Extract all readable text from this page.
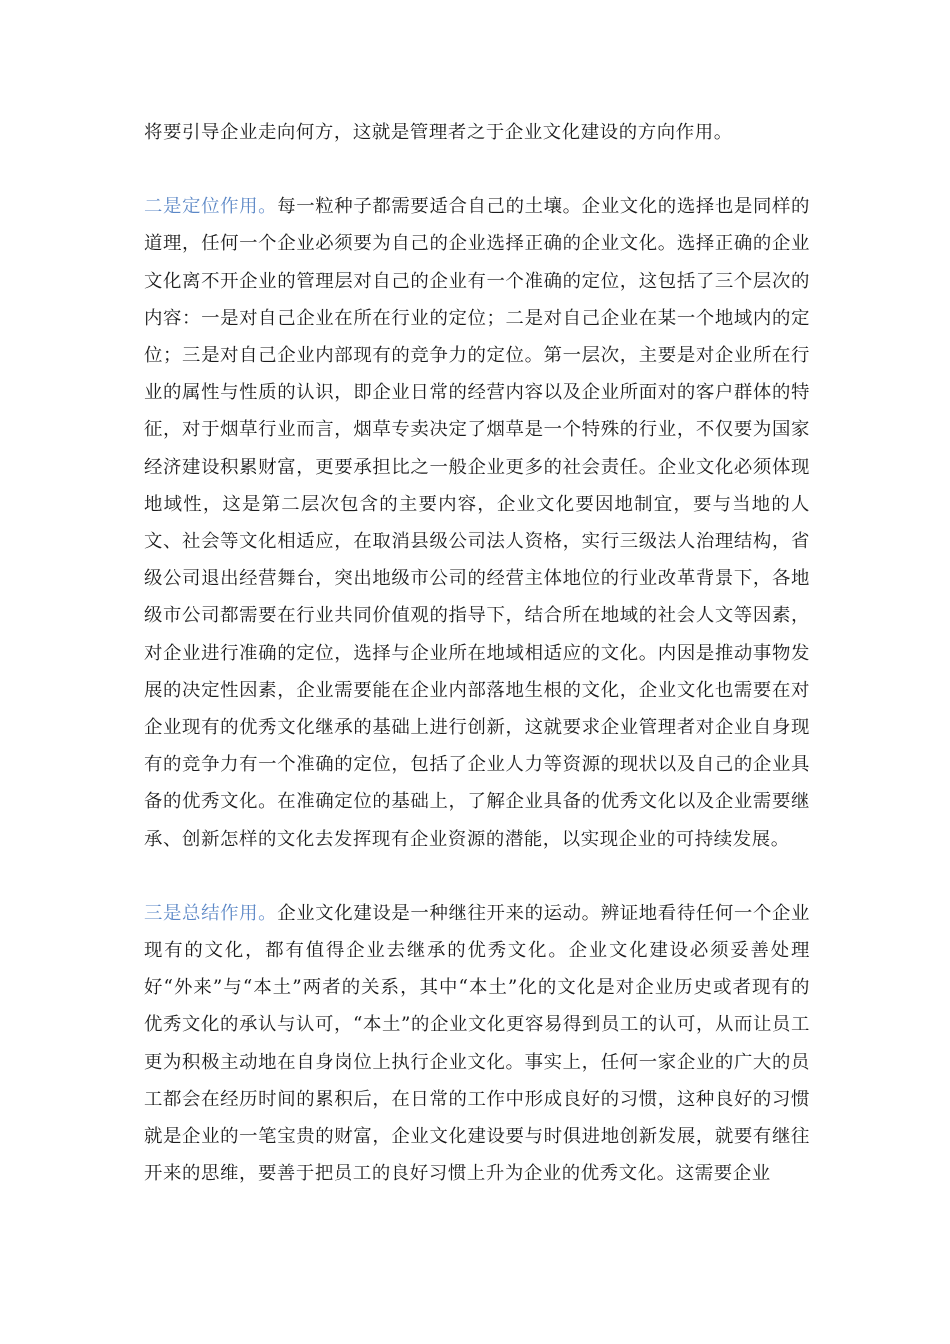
将要引导企业走向何方，这就是管理者之于企业文化建设的方向作用。

二是定位作用。每一粒种子都需要适合自己的土壤。企业文化的选择也是同样的道理，任何一个企业必须要为自己的企业选择正确的企业文化。选择正确的企业文化离不开企业的管理层对自己的企业有一个准确的定位，这包括了三个层次的内容：一是对自己企业在所在行业的定位；二是对自己企业在某一个地域内的定位；三是对自己企业内部现有的竞争力的定位。第一层次，主要是对企业所在行业的属性与性质的认识，即企业日常的经营内容以及企业所面对的客户群体的特征，对于烟草行业而言，烟草专卖决定了烟草是一个特殊的行业，不仅要为国家经济建设积累财富，更要承担比之一般企业更多的社会责任。企业文化必须体现地域性，这是第二层次包含的主要内容，企业文化要因地制宜，要与当地的人文、社会等文化相适应，在取消县级公司法人资格，实行三级法人治理结构，省级公司退出经营舞台，突出地级市公司的经营主体地位的行业改革背景下，各地级市公司都需要在行业共同价值观的指导下，结合所在地域的社会人文等因素，对企业进行准确的定位，选择与企业所在地域相适应的文化。内因是推动事物发展的决定性因素，企业需要能在企业内部落地生根的文化，企业文化也需要在对企业现有的优秀文化继承的基础上进行创新，这就要求企业管理者对企业自身现有的竞争力有一个准确的定位，包括了企业人力等资源的现状以及自己的企业具备的优秀文化。在准确定位的基础上，了解企业具备的优秀文化以及企业需要继承、创新怎样的文化去发挥现有企业资源的潜能，以实现企业的可持续发展。

三是总结作用。企业文化建设是一种继往开来的运动。辨证地看待任何一个企业现有的文化，都有值得企业去继承的优秀文化。企业文化建设必须妥善处理好“外来”与“本土”两者的关系，其中“本土”化的文化是对企业历史或者现有的优秀文化的承认与认可，“本土”的企业文化更容易得到员工的认可，从而让员工更为积极主动地在自身岗位上执行企业文化。事实上，任何一家企业的广大的员工都会在经历时间的累积后，在日常的工作中形成良好的习惯，这种良好的习惯就是企业的一笔宝贵的财富，企业文化建设要与时俱进地创新发展，就要有继往开来的思维，要善于把员工的良好习惯上升为企业的优秀文化。这需要企业
